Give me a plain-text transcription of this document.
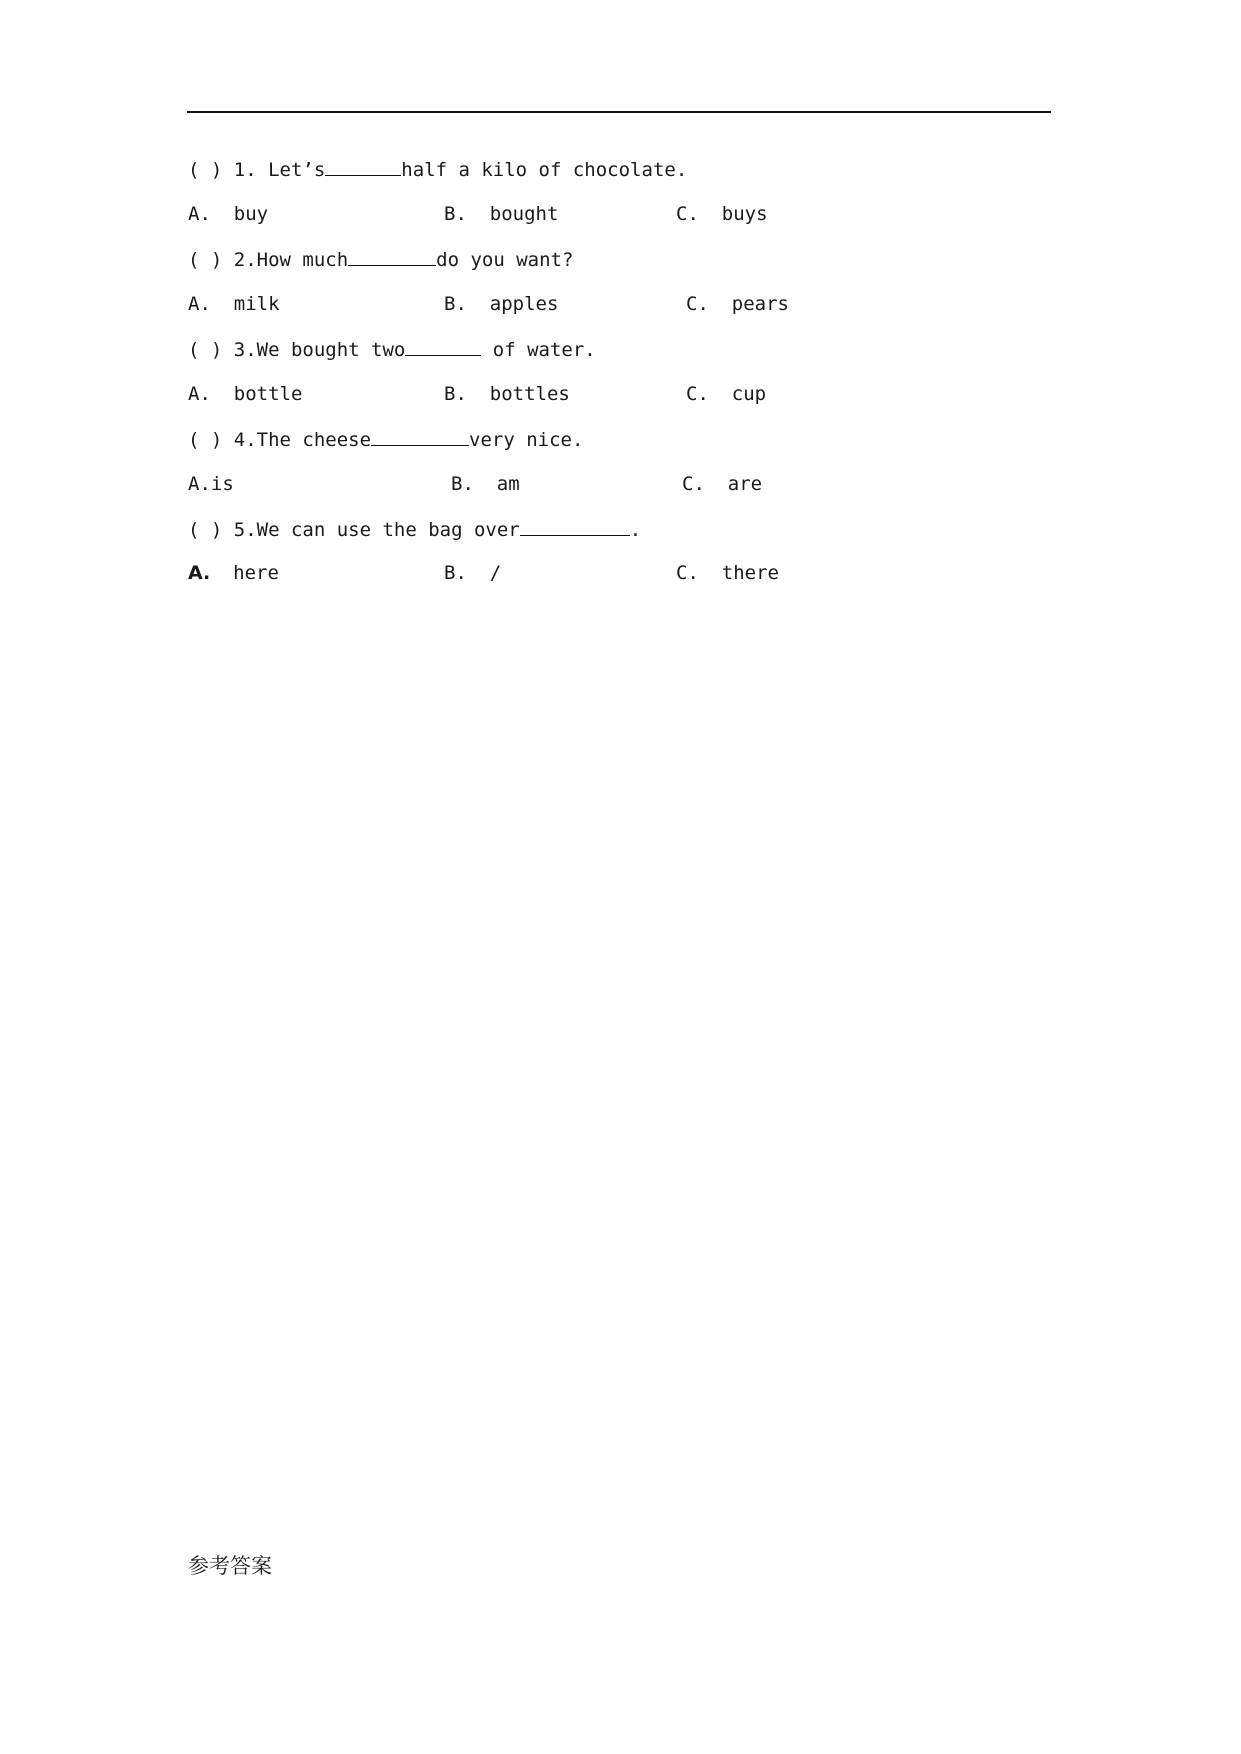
( ) 1. Let’s	half a kilo of chocolate.
A.  buy	B.  bought	C.  buys
( ) 2.How much	do you want?
A.  milk	B.  apples	C.  pears
( ) 3.We bought two	of water.
A.  bottle	B.  bottles	C.  cup
( ) 4.The cheese	very nice.
A.is	B.  am	C.  are
( ) 5.We can use the bag over	.
A. here	B.  /	C.  there
参考答案
